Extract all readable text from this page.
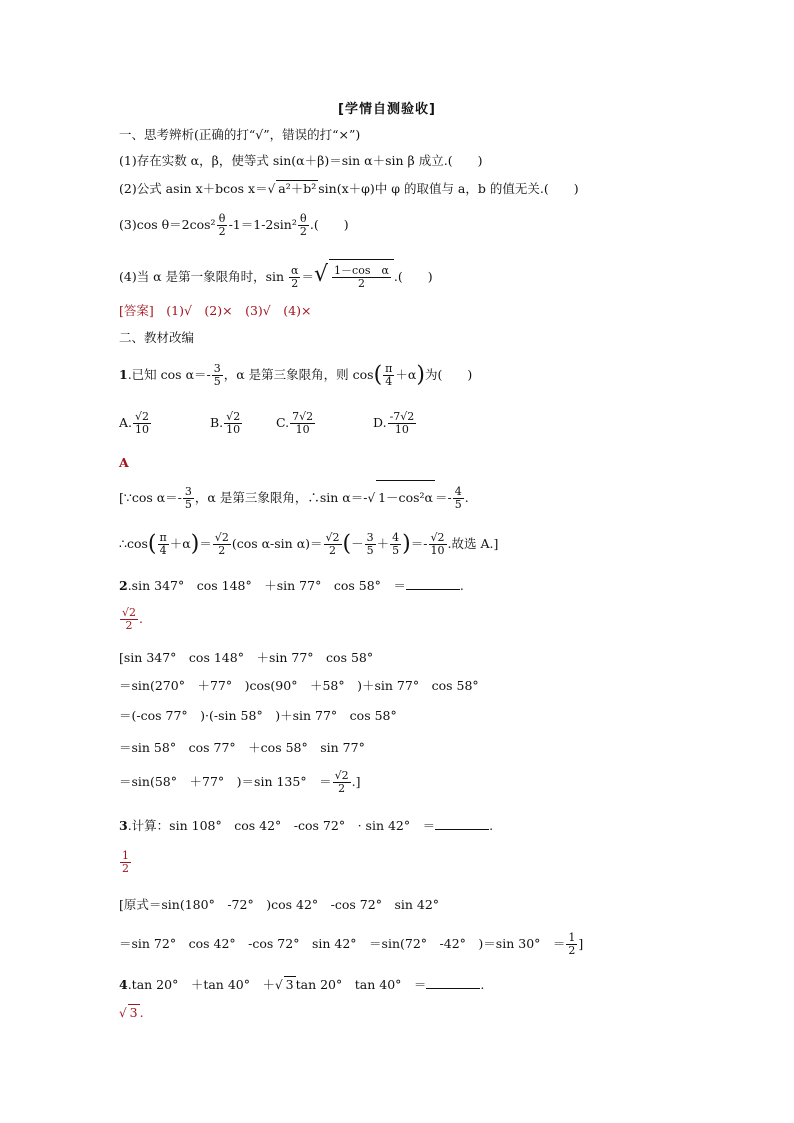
[学情自测验收]
一、思考辨析(正确的打“√”，错误的打“×”)
(1)存在实数 α，β，使等式 sin(α＋β)＝sin α＋sin β 成立.(　　)
(2)公式 asin x＋bcos x＝√ a²＋b² sin(x＋φ)中 φ 的取值与 a，b 的值无关.(　　)
(3)cos $\theta=2\cos^2 \frac{\theta}{2} -1=1-2\sin^2 \frac{\theta}{2}$ .(　　)
(4)当 α 是第一象限角时，$\sin \frac{\alpha}{2}$ ＝√ $\frac{\text{1－cos　α}}{2}$ .(　　)
[答案]　(1)√　(2)×　(3)√　(4)×
二、教材改编
1.已知 $\cos \alpha=- \frac{3}{5}$ ，α 是第三象限角，则 $\cos( \frac{\pi}{4} +\alpha)$为(　　)
A. $\frac{√2}{10}$	B. $\frac{√2}{10}$	C. $\frac{7√2}{10}$	D. $\frac{-7√2}{10}$
A
[∵cos $\alpha=- \frac{3}{5}$ ，α 是第三象限角，∴sin α＝-√ $1-\cos^2\alpha =- \frac{4}{5}$ .
∴cos( $\frac{\pi}{4} +\alpha)= \frac{√2}{2} (\cos$ α-sin $\alpha)= \frac{√2}{2}$ (－ $\frac{3}{5} + \frac{4}{5}$ )＝- $\frac{√2}{10}$ .故选 A.]
2.sin 347°　cos 148°　＋sin 77°　cos 58°　＝	.
$\frac{√2}{2}$ .
[sin 347°　cos 148°　＋sin 77°　cos 58°
＝sin(270°　＋77°　)cos(90°　＋58°　)＋sin 77°　cos 58°
＝(-cos 77°　)·(-sin 58°　)＋sin 77°　cos 58°
＝sin 58°　cos 77°　＋cos 58°　sin 77°
＝sin(58°　＋77°　)＝sin 135°　＝ $\frac{√2}{2}$ .]
3.计算：sin 108°　cos 42°　-cos 72°　· sin 42°　＝	.
$\frac{1}{2}$
[原式＝sin(180°　-72°　)cos 42°　-cos 72°　sin 42°
＝sin 72°　cos 42°　-cos 72°　sin 42°　＝sin(72°　-42°　)＝sin 30°　＝ $\frac{1}{2}$ ]
4.tan 20°　＋tan 40°　＋√ 3 tan 20°　tan 40°　＝	.
√ 3 .
